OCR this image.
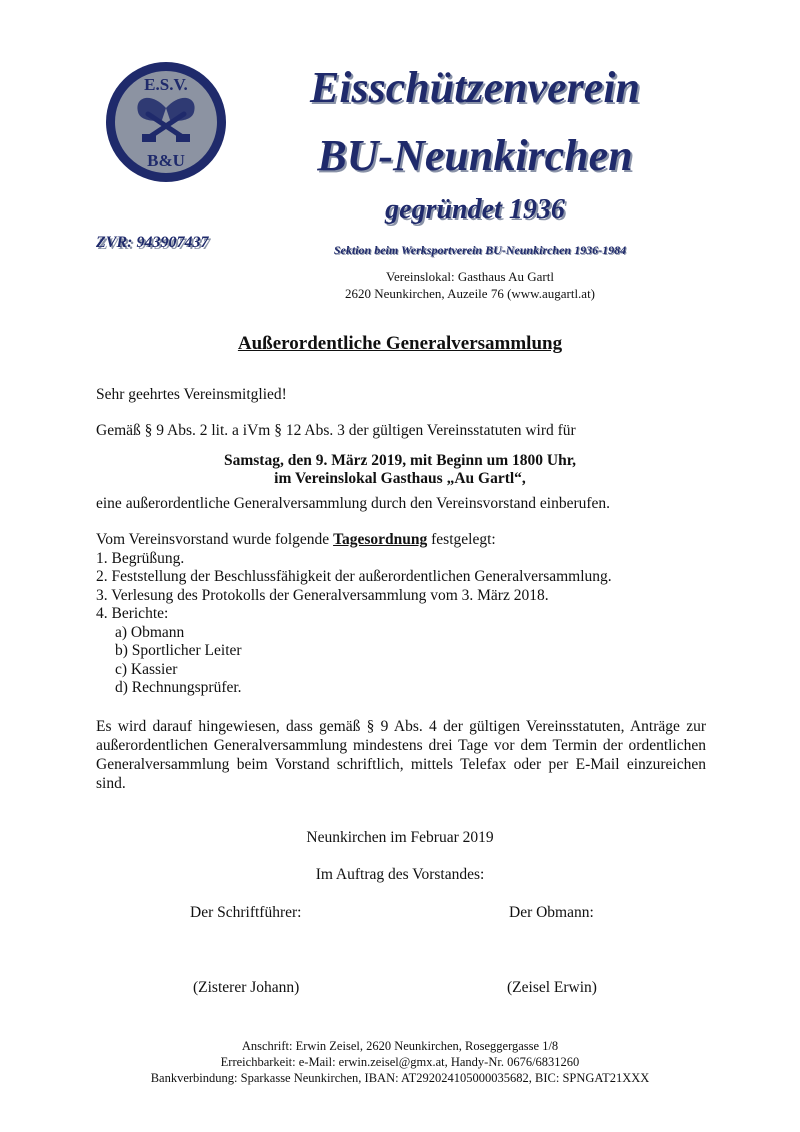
E.S.V.
B&U
Eisschützenverein
BU-Neunkirchen
gegründet 1936
ZVR: 943907437	Sektion beim Werksportverein BU-Neunkirchen 1936-1984
Vereinslokal: Gasthaus Au Gartl
2620 Neunkirchen, Auzeile 76 (www.augartl.at)
Außerordentliche Generalversammlung
Sehr geehrtes Vereinsmitglied!
Gemäß § 9 Abs. 2 lit. a iVm § 12 Abs. 3 der gültigen Vereinsstatuten wird für
Samstag, den 9. März 2019, mit Beginn um 1800 Uhr,
im Vereinslokal Gasthaus „Au Gartl“,
eine außerordentliche Generalversammlung durch den Vereinsvorstand einberufen.
Vom Vereinsvorstand wurde folgende Tagesordnung festgelegt:
1. Begrüßung.
2. Feststellung der Beschlussfähigkeit der außerordentlichen Generalversammlung.
3. Verlesung des Protokolls der Generalversammlung vom 3. März 2018.
4. Berichte:
a) Obmann
b) Sportlicher Leiter
c) Kassier
d) Rechnungsprüfer.
Es wird darauf hingewiesen, dass gemäß § 9 Abs. 4 der gültigen Vereinsstatuten, Anträge zur außerordentlichen Generalversammlung mindestens drei Tage vor dem Termin der ordentlichen Generalversammlung beim Vorstand schriftlich, mittels Telefax oder per E-Mail einzureichen sind.
Neunkirchen im Februar 2019
Im Auftrag des Vorstandes:
Der Schriftführer:	Der Obmann:
(Zisterer Johann)	(Zeisel Erwin)
Anschrift: Erwin Zeisel, 2620 Neunkirchen, Roseggergasse 1/8
Erreichbarkeit: e-Mail: erwin.zeisel@gmx.at, Handy-Nr. 0676/6831260
Bankverbindung: Sparkasse Neunkirchen, IBAN: AT292024105000035682, BIC: SPNGAT21XXX
